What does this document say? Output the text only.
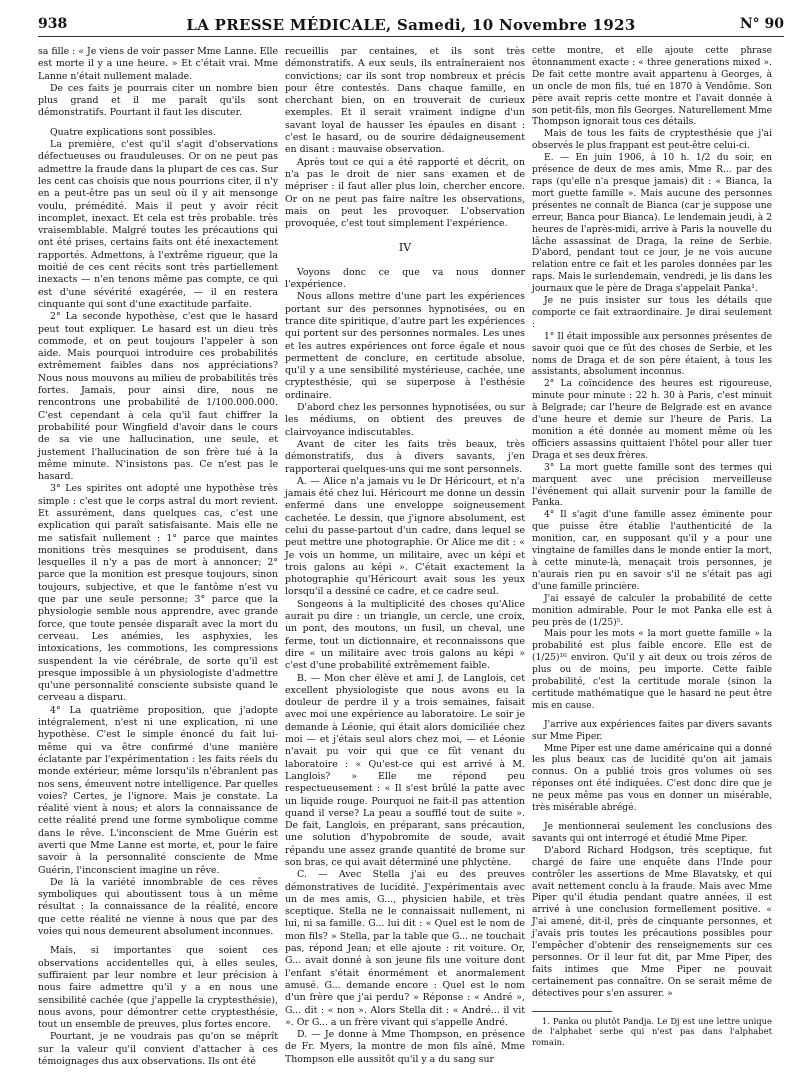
938	LA PRESSE MÉDICALE, Samedi, 10 Novembre 1923	N° 90

sa fille : « Je viens de voir passer Mme Lanne. Elle est morte il y a une heure. » Et c'était vrai. Mme Lanne n'était nullement malade.

De ces faits je pourrais citer un nombre bien plus grand et il me paraît qu'ils sont démonstratifs. Pourtant il faut les discuter.

Quatre explications sont possibles.

La première, c'est qu'il s'agit d'observations défectueuses ou frauduleuses. Or on ne peut pas admettre la fraude dans la plupart de ces cas. Sur les cent cas choisis que nous pourrions citer, il n'y en a peut-être pas un seul où il y ait mensonge voulu, prémédité. Mais il peut y avoir récit incomplet, inexact. Et cela est très probable. très vraisemblable. Malgré toutes les précautions qui ont été prises, certains faits ont été inexactement rapportés. Admettons, à l'extrême rigueur, que la moitié de ces cent récits sont très partiellement inexacts — n'en tenons même pas compte, ce qui est d'une sévérité exagérée, — il en restera cinquante qui sont d'une exactitude parfaite.

2° La seconde hypothèse, c'est que le hasard peut tout expliquer. Le hasard est un dieu très commode, et on peut toujours l'appeler à son aide. Mais pourquoi introduire ces probabilités extrêmement faibles dans nos appréciations? Nous nous mouvons au milieu de probabilités très fortes. Jamais, pour ainsi dire, nous ne rencontrons une probabilité de 1/100.000.000. C'est cependant à cela qu'il faut chiffrer la probabilité pour Wingfield d'avoir dans le cours de sa vie une hallucination, une seule, et justement l'hallucination de son frère tué à la même minute. N'insistons pas. Ce n'est pas le hasard.

3° Les spirites ont adopté une hypothèse très simple : c'est que le corps astral du mort revient. Et assurément, dans quelques cas, c'est une explication qui paraît satisfaisante. Mais elle ne me satisfait nullement : 1° parce que maintes monitions très mesquines se produisent, dans lesquelles il n'y a pas de mort à annoncer; 2° parce que la monition est presque toujours, sinon toujours, subjective, et que le fantôme n'est vu que par une seule personne; 3° parce que la physiologie semble nous apprendre, avec grande force, que toute pensée disparaît avec la mort du cerveau. Les anémies, les asphyxies, les intoxications, les commotions, les compressions suspendent la vie cérébrale, de sorte qu'il est presque impossible à un physiologiste d'admettre qu'une personnalité consciente subsiste quand le cerveau a disparu.

4° La quatrième proposition, que j'adopte intégralement, n'est ni une explication, ni une hypothèse. C'est le simple énoncé du fait lui-même qui va être confirmé d'une manière éclatante par l'expérimentation : les faits réels du monde extérieur, même lorsqu'ils n'ébranlent pas nos sens, émeuvent notre intelligence. Par quelles voies? Certes, je l'ignore. Mais je constate. La réalité vient à nous; et alors la connaissance de cette réalité prend une forme symbolique comme dans le rêve. L'inconscient de Mme Guérin est averti que Mme Lanne est morte, et, pour le faire savoir à la personnalité consciente de Mme Guérin, l'inconscient imagine un rêve.

De là la variété innombrable de ces rêves symboliques qui aboutissent tous à un même résultat : la connaissance de la réalité, encore que cette réalité ne vienne à nous que par des voies qui nous demeurent absolument inconnues.

Mais, si importantes que soient ces observations accidentelles qui, à elles seules, suffiraient par leur nombre et leur précision à nous faire admettre qu'il y a en nous une sensibilité cachée (que j'appelle la cryptesthésie), nous avons, pour démontrer cette cryptesthésie, tout un ensemble de preuves, plus fortes encore.

Pourtant, je ne voudrais pas qu'on se méprît sur la valeur qu'il convient d'attacher à ces témoignages dus aux observations. Ils ont été

recueillis par centaines, et ils sont très démonstratifs. A eux seuls, ils entraîneraient nos convictions; car ils sont trop nombreux et précis pour être contestés. Dans chaque famille, en cherchant bien, on en trouverait de curieux exemples. Et il serait vraiment indigne d'un savant loyal de hausser les épaules en disant : c'est le hasard, ou de sourire dédaigneusement en disant : mauvaise observation.

Après tout ce qui a été rapporté et décrit, on n'a pas le droit de nier sans examen et de mépriser : il faut aller plus loin, chercher encore. Or on ne peut pas faire naître les observations, mais on peut les provoquer. L'observation provoquée, c'est tout simplement l'expérience.

IV

Voyons donc ce que va nous donner l'expérience.

Nous allons mettre d'une part les expériences portant sur des personnes hypnotisées, ou en trance dite spiritique, d'autre part les expériences qui portent sur des personnes normales. Les unes et les autres expériences ont force égale et nous permettent de conclure, en certitude absolue, qu'il y a une sensibilité mystérieuse, cachée, une cryptesthésie, qui se superpose à l'esthésie ordinaire.

D'abord chez les personnes hypnotisées, ou sur les médiums, on obtient des preuves de clairvoyance indiscutables.

Avant de citer les faits très beaux, très démonstratifs, dus à divers savants, j'en rapporterai quelques-uns qui me sont personnels.

A. — Alice n'a jamais vu le Dr Héricourt, et n'a jamais été chez lui. Héricourt me donne un dessin enfermé dans une enveloppe soigneusement cachetée. Le dessin, que j'ignore absolument, est celui du passe-partout d'un cadre, dans lequel se peut mettre une photographie. Or Alice me dit : « Je vois un homme, un militaire, avec un képi et trois galons au képi ». C'était exactement la photographie qu'Héricourt avait sous les yeux lorsqu'il a dessiné ce cadre, et ce cadre seul.

Songeons à la multiplicité des choses qu'Alice aurait pu dire : un triangle, un cercle, une croix, un pont, des moutons, un fusil, un cheval, une ferme, tout un dictionnaire, et reconnaissons que dire « un militaire avec trois galons au képi » c'est d'une probabilité extrêmement faible.

B. — Mon cher élève et ami J. de Langlois, cet excellent physiologiste que nous avons eu la douleur de perdre il y a trois semaines, faisait avec moi une expérience au laboratoire. Le soir je demande à Léonie, qui était alors domiciliée chez moi — et j'étais seul alors chez moi, — et Léonie n'avait pu voir qui que ce fût venant du laboratoire : « Qu'est-ce qui est arrivé à M. Langlois? » Elle me répond peu respectueusement : « Il s'est brûlé la patte avec un liquide rouge. Pourquoi ne fait-il pas attention quand il verse? La peau a soufflé tout de suite ». De fait, Langlois, en préparant, sans précaution, une solution d'hypobromite de soude, avait répandu une assez grande quantité de brome sur son bras, ce qui avait déterminé une phlyctène.

C. — Avec Stella j'ai eu des preuves démonstratives de lucidité. J'expérimentais avec un de mes amis, G..., physicien habile, et très sceptique. Stella ne le connaissait nullement, ni lui, ni sa famille. G... lui dit : « Quel est le nom de mon fils? » Stella, par la table que G... ne touchait pas, répond Jean; et elle ajoute : rit voiture. Or, G... avait donné à son jeune fils une voiture dont l'enfant s'était énormément et anormalement amusé. G... demande encore : Quel est le nom d'un frère que j'ai perdu? » Réponse : « André », G... dit : « non ». Alors Stella dit : « André... il vit ». Or G... a un frère vivant qui s'appelle André.

D. — Je donne à Mme Thompson, en présence de Fr. Myers, la montre de mon fils aîné. Mme Thompson elle aussitôt qu'il y a du sang sur

cette montre, et elle ajoute cette phrase étonnamment exacte : « three generations mixed ». De fait cette montre avait appartenu à Georges, à un oncle de mon fils, tué en 1870 à Vendôme. Son père avait repris cette montre et l'avait donnée à son petit-fils, mon fils Georges. Naturellement Mme Thompson ignorait tous ces détails.

Mais de tous les faits de cryptesthésie que j'ai observés le plus frappant est peut-être celui-ci.

E. — En juin 1906, à 10 h. 1/2 du soir, en présence de deux de mes amis, Mme R... par des raps (qu'elle n'a presque jamais) dit : « Bianca, la mort guette famille ». Mais aucune des personnes présentes ne connaît de Bianca (car je suppose une erreur, Banca pour Bianca). Le lendemain jeudi, à 2 heures de l'après-midi, arrive à Paris la nouvelle du lâche assassinat de Draga, la reine de Serbie. D'abord, pendant tout ce jour, je ne vois aucune relation entre ce fait et les paroles données par les raps. Mais le surlendemain, vendredi, je lis dans les journaux que le père de Draga s'appelait Panka¹.

Je ne puis insister sur tous les détails que comporte ce fait extraordinaire. Je dirai seulement :

1° Il était impossible aux personnes présentes de savoir quoi que ce fût des choses de Serbie, et les noms de Draga et de son père étaient, à tous les assistants, absolument inconnus.

2° La coïncidence des heures est rigoureuse, minute pour minute : 22 h. 30 à Paris, c'est minuit à Belgrade; car l'heure de Belgrade est en avance d'une heure et demie sur l'heure de Paris. La monition a été donnée au moment même où les officiers assassins quittaient l'hôtel pour aller tuer Draga et ses deux frères.

3° La mort guette famille sont des termes qui marquent avec une précision merveilleuse l'événement qui allait survenir pour la famille de Panka.

4° Il s'agit d'une famille assez éminente pour que puisse être établie l'authenticité de la monition, car, en supposant qu'il y a pour une vingtaine de familles dans le monde entier la mort, à cette minute-là, menaçait trois personnes, je n'aurais rien pu en savoir s'il ne s'était pas agi d'une famille princière.

J'ai essayé de calculer la probabilité de cette monition admirable. Pour le mot Panka elle est à peu près de (1/25)⁵.

Mais pour les mots « la mort guette famille » la probabilité est plus faible encore. Elle est de (1/25)¹⁶ environ. Qu'il y ait deux ou trois zéros de plus ou de moins, peu importe. Cette faible probabilité, c'est la certitude morale (sinon la certitude mathématique que le hasard ne peut être mis en cause.

J'arrive aux expériences faites par divers savants sur Mme Piper.

Mme Piper est une dame américaine qui a donné les plus beaux cas de lucidité qu'on ait jamais connus. On a publié trois gros volumes où ses réponses ont été indiquées. C'est donc dire que je ne peux même pas vous en donner un misérable, très misérable abrégé.

Je mentionnerai seulement les conclusions des savants qui ont interrogé et étudié Mme Piper.

D'abord Richard Hodgson, très sceptique, fut chargé de faire une enquête dans l'Inde pour contrôler les assertions de Mme Blavatsky, et qui avait nettement conclu à la fraude. Mais avec Mme Piper qu'il étudia pendant quatre années, il est arrivé à une conclusion formellement positive. « J'ai amené, dit-il, près de cinquante personnes, et j'avais pris toutes les précautions possibles pour l'empêcher d'obtenir des renseignements sur ces personnes. Or il leur fut dit, par Mme Piper, des faits intimes que Mme Piper ne pouvait certainement pas connaître. On se serait même de détectives pour s'en assurer. »

1. Panka ou plutôt Pandja. Le Dj est une lettre unique de l'alphabet serbe qui n'est pas dans l'alphabet romain.
